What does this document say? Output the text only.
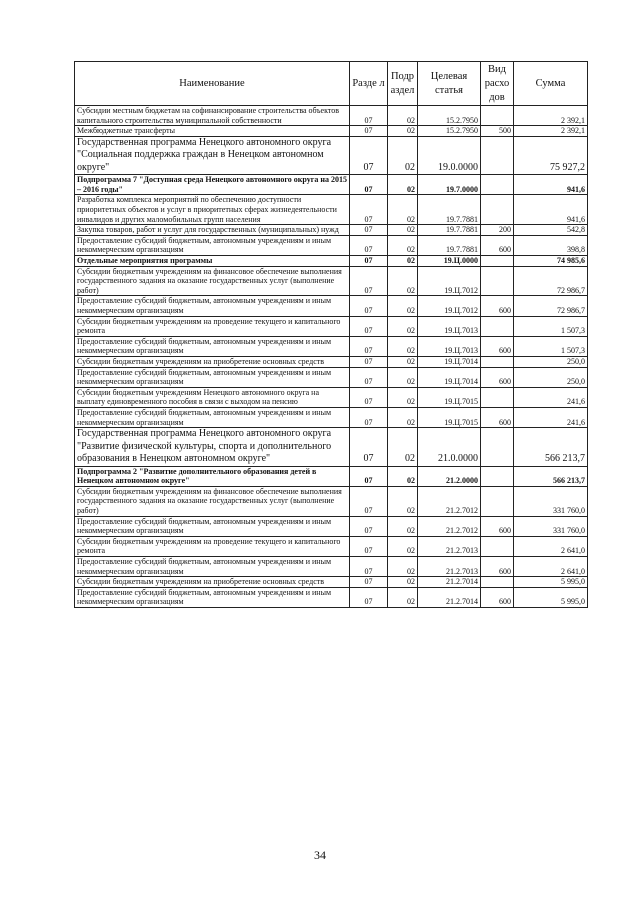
Наименование	Разде л	Подр аздел	Целевая статья	Вид расхо дов	Сумма
Субсидии местным бюджетам на софинансирование строительства объектов капитального строительства муниципальной собственности	07	02	15.2.7950		2 392,1
Межбюджетные трансферты	07	02	15.2.7950	500	2 392,1
Государственная программа Ненецкого автономного округа "Социальная поддержка граждан в Ненецком автономном округе"	07	02	19.0.0000		75 927,2
Подпрограмма 7 "Доступная среда Ненецкого автономного округа на 2015 – 2016 годы"	07	02	19.7.0000		941,6
Разработка комплекса мероприятий по обеспечению доступности приоритетных объектов и услуг в приоритетных сферах жизнедеятельности инвалидов и других маломобильных групп населения	07	02	19.7.7881		941,6
Закупка товаров, работ и услуг для государственных (муниципальных) нужд	07	02	19.7.7881	200	542,8
Предоставление субсидий бюджетным, автономным учреждениям и иным некоммерческим организациям	07	02	19.7.7881	600	398,8
Отдельные мероприятия программы	07	02	19.Ц.0000		74 985,6
Субсидии бюджетным учреждениям на финансовое обеспечение выполнения государственного задания на оказание государственных услуг (выполнение работ)	07	02	19.Ц.7012		72 986,7
Предоставление субсидий бюджетным, автономным учреждениям и иным некоммерческим организациям	07	02	19.Ц.7012	600	72 986,7
Субсидии бюджетным учреждениям на проведение текущего и капитального ремонта	07	02	19.Ц.7013		1 507,3
Предоставление субсидий бюджетным, автономным учреждениям и иным некоммерческим организациям	07	02	19.Ц.7013	600	1 507,3
Субсидии бюджетным учреждениям на приобретение основных средств	07	02	19.Ц.7014		250,0
Предоставление субсидий бюджетным, автономным учреждениям и иным некоммерческим организациям	07	02	19.Ц.7014	600	250,0
Субсидии бюджетным учреждениям Ненецкого автономного округа на выплату единовременного пособия в связи с выходом на пенсию	07	02	19.Ц.7015		241,6
Предоставление субсидий бюджетным, автономным учреждениям и иным некоммерческим организациям	07	02	19.Ц.7015	600	241,6
Государственная программа Ненецкого автономного округа "Развитие физической культуры, спорта и дополнительного образования в Ненецком автономном округе"	07	02	21.0.0000		566 213,7
Подпрограмма 2 "Развитие дополнительного образования детей в Ненецком автономном округе"	07	02	21.2.0000		566 213,7
Субсидии бюджетным учреждениям на финансовое обеспечение выполнения государственного задания на оказание государственных услуг (выполнение работ)	07	02	21.2.7012		331 760,0
Предоставление субсидий бюджетным, автономным учреждениям и иным некоммерческим организациям	07	02	21.2.7012	600	331 760,0
Субсидии бюджетным учреждениям на проведение текущего и капитального ремонта	07	02	21.2.7013		2 641,0
Предоставление субсидий бюджетным, автономным учреждениям и иным некоммерческим организациям	07	02	21.2.7013	600	2 641,0
Субсидии бюджетным учреждениям на приобретение основных средств	07	02	21.2.7014		5 995,0
Предоставление субсидий бюджетным, автономным учреждениям и иным некоммерческим организациям	07	02	21.2.7014	600	5 995,0
34
